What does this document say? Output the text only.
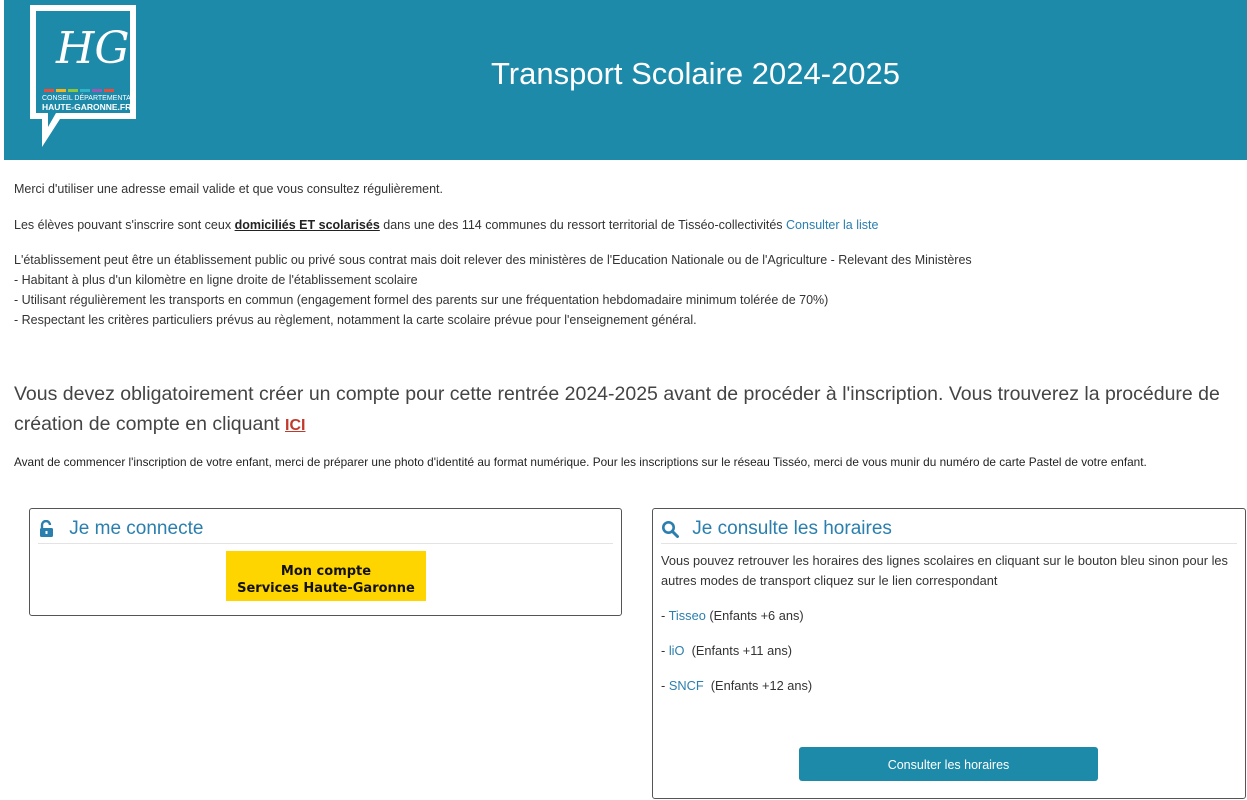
HG
CONSEIL DÉPARTEMENTAL
HAUTE-GARONNE.FR
Transport Scolaire 2024-2025

Merci d'utiliser une adresse email valide et que vous consultez régulièrement.

Les élèves pouvant s'inscrire sont ceux domiciliés ET scolarisés dans une des 114 communes du ressort territorial de Tisséo-collectivités Consulter la liste

L'établissement peut être un établissement public ou privé sous contrat mais doit relever des ministères de l'Education Nationale ou de l'Agriculture - Relevant des Ministères
- Habitant à plus d'un kilomètre en ligne droite de l'établissement scolaire
- Utilisant régulièrement les transports en commun (engagement formel des parents sur une fréquentation hebdomadaire minimum tolérée de 70%)
- Respectant les critères particuliers prévus au règlement, notamment la carte scolaire prévue pour l'enseignement général.

Vous devez obligatoirement créer un compte pour cette rentrée 2024-2025 avant de procéder à l'inscription. Vous trouverez la procédure de création de compte en cliquant ICI
Avant de commencer l'inscription de votre enfant, merci de préparer une photo d'identité au format numérique. Pour les inscriptions sur le réseau Tisséo, merci de vous munir du numéro de carte Pastel de votre enfant.
Je me connecte
Mon compte
Services Haute-Garonne
Je consulte les horaires
Vous pouvez retrouver les horaires des lignes scolaires en cliquant sur le bouton bleu sinon pour les autres modes de transport cliquez sur le lien correspondant
- Tisseo (Enfants +6 ans)
- liO  (Enfants +11 ans)
- SNCF  (Enfants +12 ans)
Consulter les horaires
